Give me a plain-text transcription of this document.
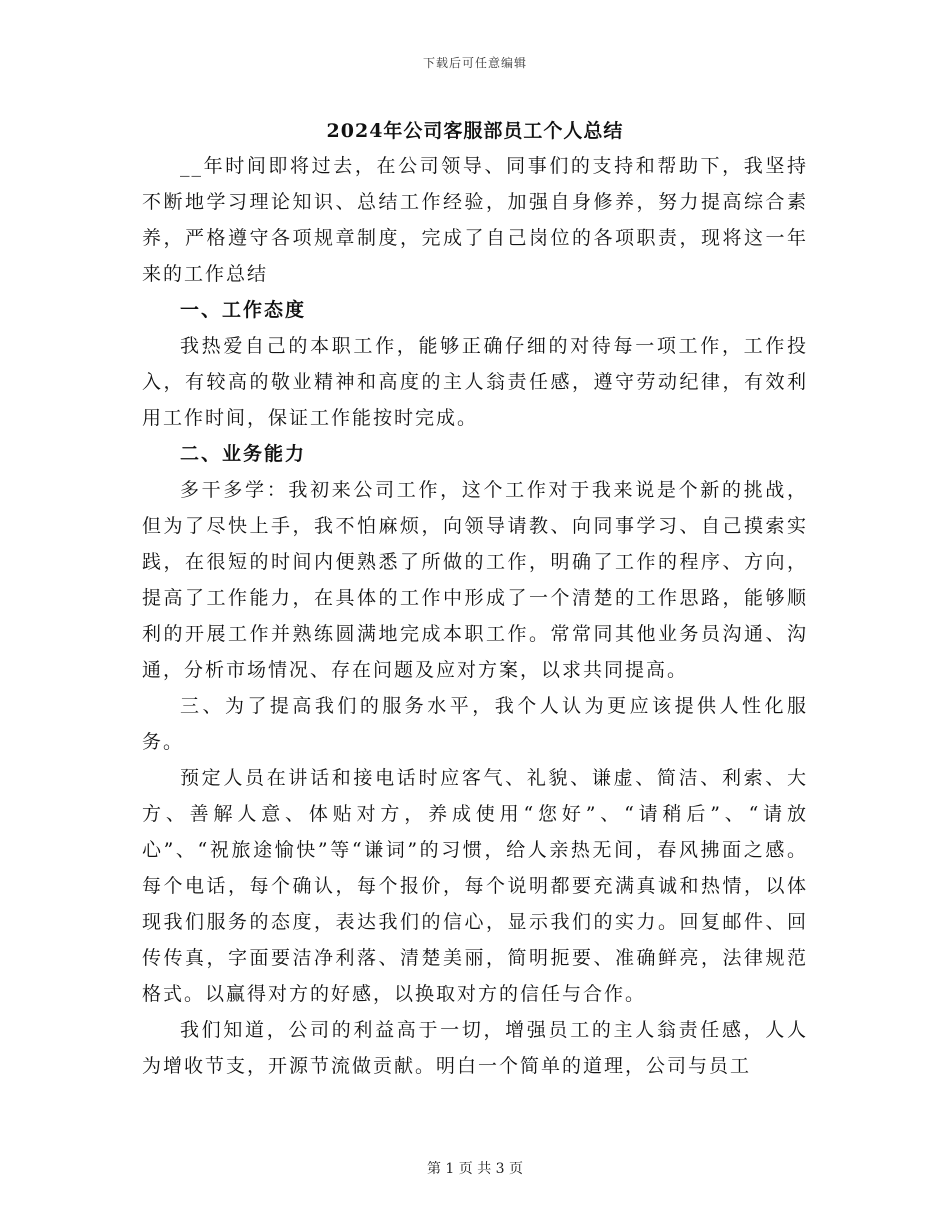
下载后可任意编辑
2024年公司客服部员工个人总结

__年时间即将过去，在公司领导、同事们的支持和帮助下，我坚持不断地学习理论知识、总结工作经验，加强自身修养，努力提高综合素养，严格遵守各项规章制度，完成了自己岗位的各项职责，现将这一年来的工作总结

一、工作态度

我热爱自己的本职工作，能够正确仔细的对待每一项工作，工作投入，有较高的敬业精神和高度的主人翁责任感，遵守劳动纪律，有效利用工作时间，保证工作能按时完成。

二、业务能力

多干多学：我初来公司工作，这个工作对于我来说是个新的挑战，但为了尽快上手，我不怕麻烦，向领导请教、向同事学习、自己摸索实践，在很短的时间内便熟悉了所做的工作，明确了工作的程序、方向，提高了工作能力，在具体的工作中形成了一个清楚的工作思路，能够顺利的开展工作并熟练圆满地完成本职工作。常常同其他业务员沟通、沟通，分析市场情况、存在问题及应对方案，以求共同提高。

三、为了提高我们的服务水平，我个人认为更应该提供人性化服务。

预定人员在讲话和接电话时应客气、礼貌、谦虚、简洁、利索、大方、善解人意、体贴对方，养成使用“您好”、“请稍后”、“请放心”、“祝旅途愉快”等“谦词”的习惯，给人亲热无间，春风拂面之感。每个电话，每个确认，每个报价，每个说明都要充满真诚和热情，以体现我们服务的态度，表达我们的信心，显示我们的实力。回复邮件、回传传真，字面要洁净利落、清楚美丽，简明扼要、准确鲜亮，法律规范格式。以赢得对方的好感，以换取对方的信任与合作。

我们知道，公司的利益高于一切，增强员工的主人翁责任感，人人为增收节支，开源节流做贡献。明白一个简单的道理，公司与员工

第 1 页 共 3 页
